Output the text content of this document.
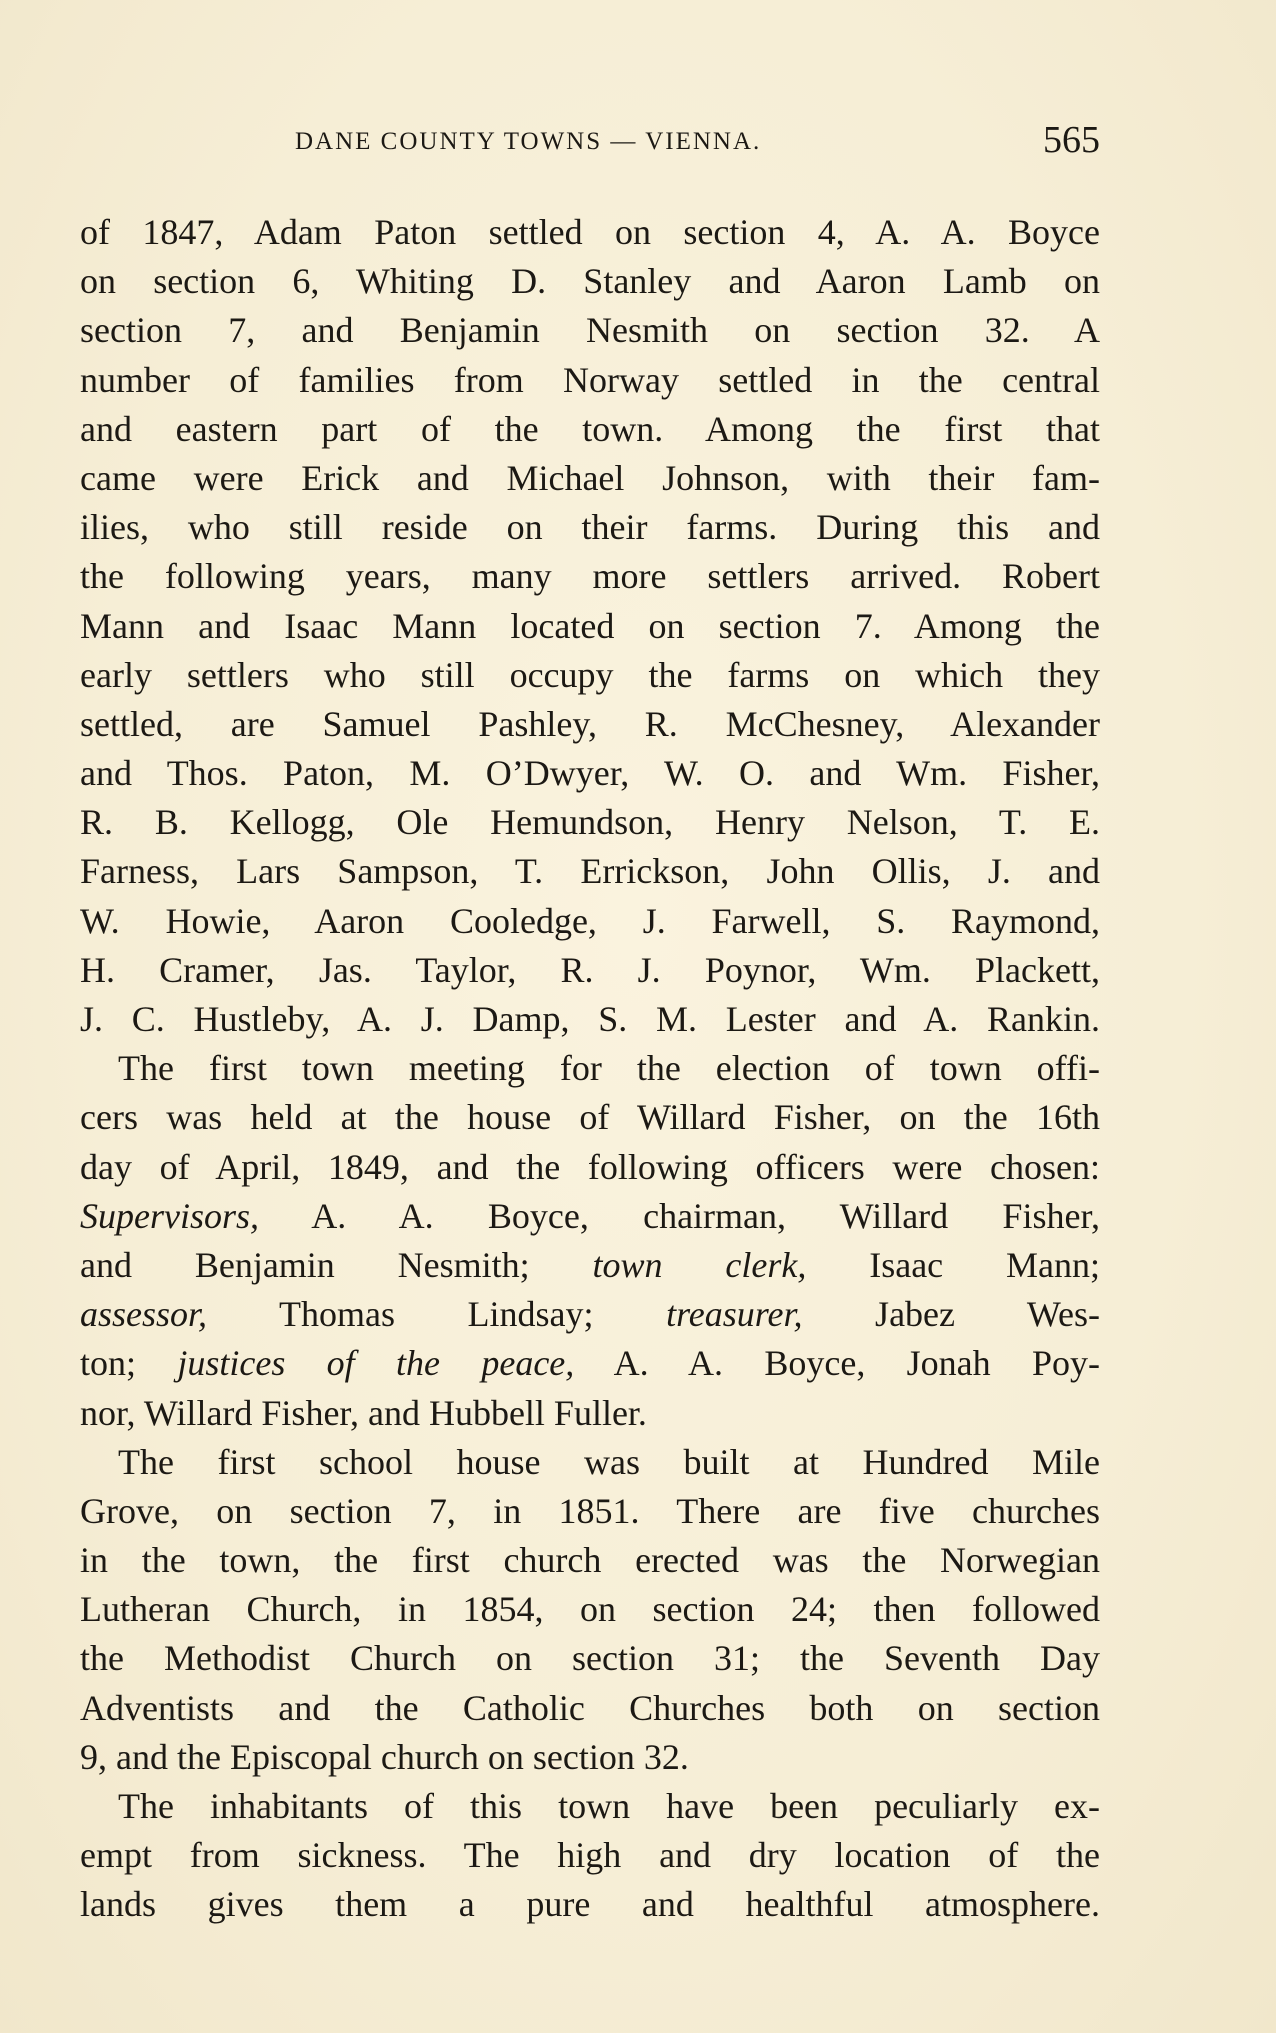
DANE COUNTY TOWNS — VIENNA.	565
of 1847, Adam Paton settled on section 4, A. A. Boyce
on section 6, Whiting D. Stanley and Aaron Lamb on
section 7, and Benjamin Nesmith on section 32. A
number of families from Norway settled in the central
and eastern part of the town. Among the first that
came were Erick and Michael Johnson, with their fam-
ilies, who still reside on their farms. During this and
the following years, many more settlers arrived. Robert
Mann and Isaac Mann located on section 7. Among the
early settlers who still occupy the farms on which they
settled, are Samuel Pashley, R. McChesney, Alexander
and Thos. Paton, M. O’Dwyer, W. O. and Wm. Fisher,
R. B. Kellogg, Ole Hemundson, Henry Nelson, T. E.
Farness, Lars Sampson, T. Errickson, John Ollis, J. and
W. Howie, Aaron Cooledge, J. Farwell, S. Raymond,
H. Cramer, Jas. Taylor, R. J. Poynor, Wm. Plackett,
J. C. Hustleby, A. J. Damp, S. M. Lester and A. Rankin.
The first town meeting for the election of town offi-
cers was held at the house of Willard Fisher, on the 16th
day of April, 1849, and the following officers were chosen:
Supervisors, A. A. Boyce, chairman, Willard Fisher,
and Benjamin Nesmith; town clerk, Isaac Mann;
assessor, Thomas Lindsay; treasurer, Jabez Wes-
ton; justices of the peace, A. A. Boyce, Jonah Poy-
nor, Willard Fisher, and Hubbell Fuller.
The first school house was built at Hundred Mile
Grove, on section 7, in 1851. There are five churches
in the town, the first church erected was the Norwegian
Lutheran Church, in 1854, on section 24; then followed
the Methodist Church on section 31; the Seventh Day
Adventists and the Catholic Churches both on section
9, and the Episcopal church on section 32.
The inhabitants of this town have been peculiarly ex-
empt from sickness. The high and dry location of the
lands gives them a pure and healthful atmosphere.
